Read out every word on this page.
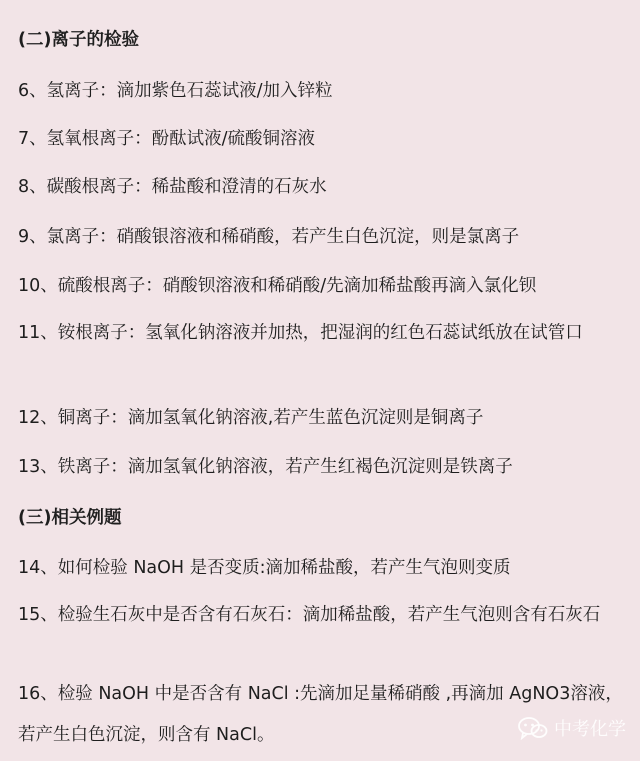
(二)离子的检验
6、氢离子：滴加紫色石蕊试液/加入锌粒
7、氢氧根离子：酚酞试液/硫酸铜溶液
8、碳酸根离子：稀盐酸和澄清的石灰水
9、氯离子：硝酸银溶液和稀硝酸，若产生白色沉淀，则是氯离子
10、硫酸根离子：硝酸钡溶液和稀硝酸/先滴加稀盐酸再滴入氯化钡
11、铵根离子：氢氧化钠溶液并加热，把湿润的红色石蕊试纸放在试管口
12、铜离子：滴加氢氧化钠溶液,若产生蓝色沉淀则是铜离子
13、铁离子：滴加氢氧化钠溶液，若产生红褐色沉淀则是铁离子
(三)相关例题
14、如何检验 NaOH 是否变质:滴加稀盐酸，若产生气泡则变质
15、检验生石灰中是否含有石灰石：滴加稀盐酸，若产生气泡则含有石灰石
16、检验 NaOH 中是否含有 NaCl :先滴加足量稀硝酸 ,再滴加 AgNO3溶液，若产生白色沉淀，则含有 NaCl。	中考化学
